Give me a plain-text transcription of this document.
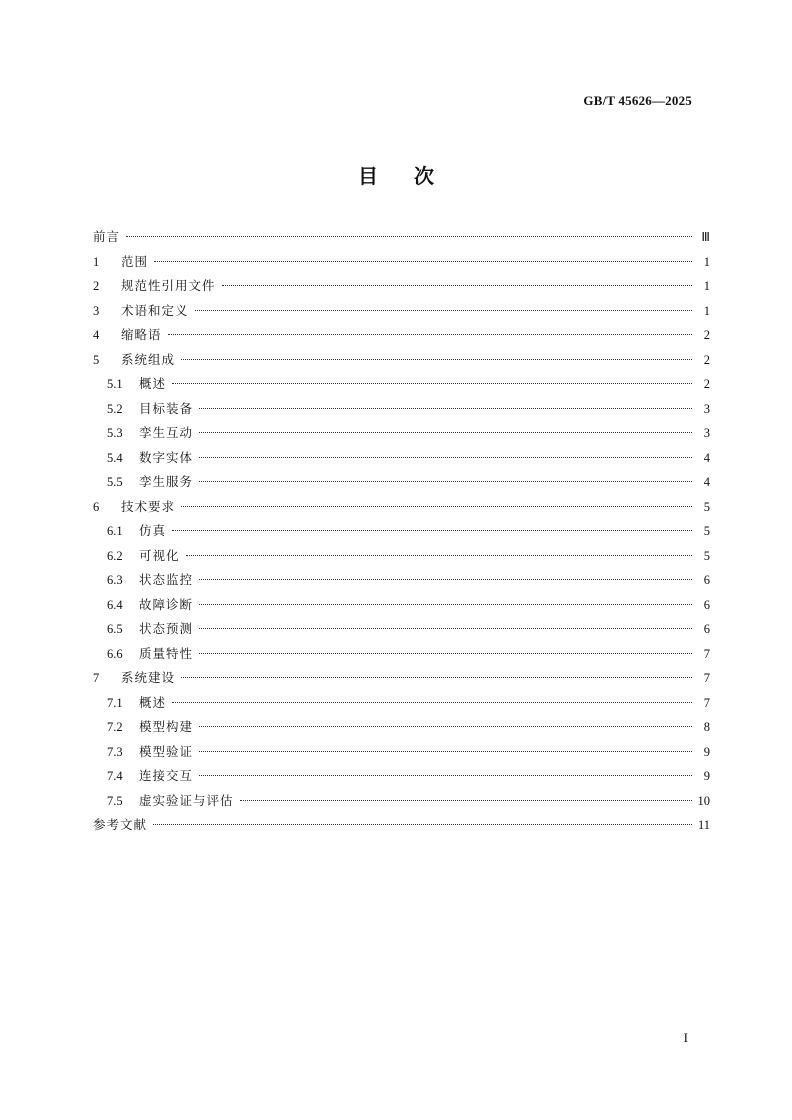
GB/T 45626—2025
目次
前言	Ⅲ
1	范围	1
2	规范性引用文件	1
3	术语和定义	1
4	缩略语	2
5	系统组成	2
5.1	概述	2
5.2	目标装备	3
5.3	孪生互动	3
5.4	数字实体	4
5.5	孪生服务	4
6	技术要求	5
6.1	仿真	5
6.2	可视化	5
6.3	状态监控	6
6.4	故障诊断	6
6.5	状态预测	6
6.6	质量特性	7
7	系统建设	7
7.1	概述	7
7.2	模型构建	8
7.3	模型验证	9
7.4	连接交互	9
7.5	虚实验证与评估	10
参考文献	11
I
